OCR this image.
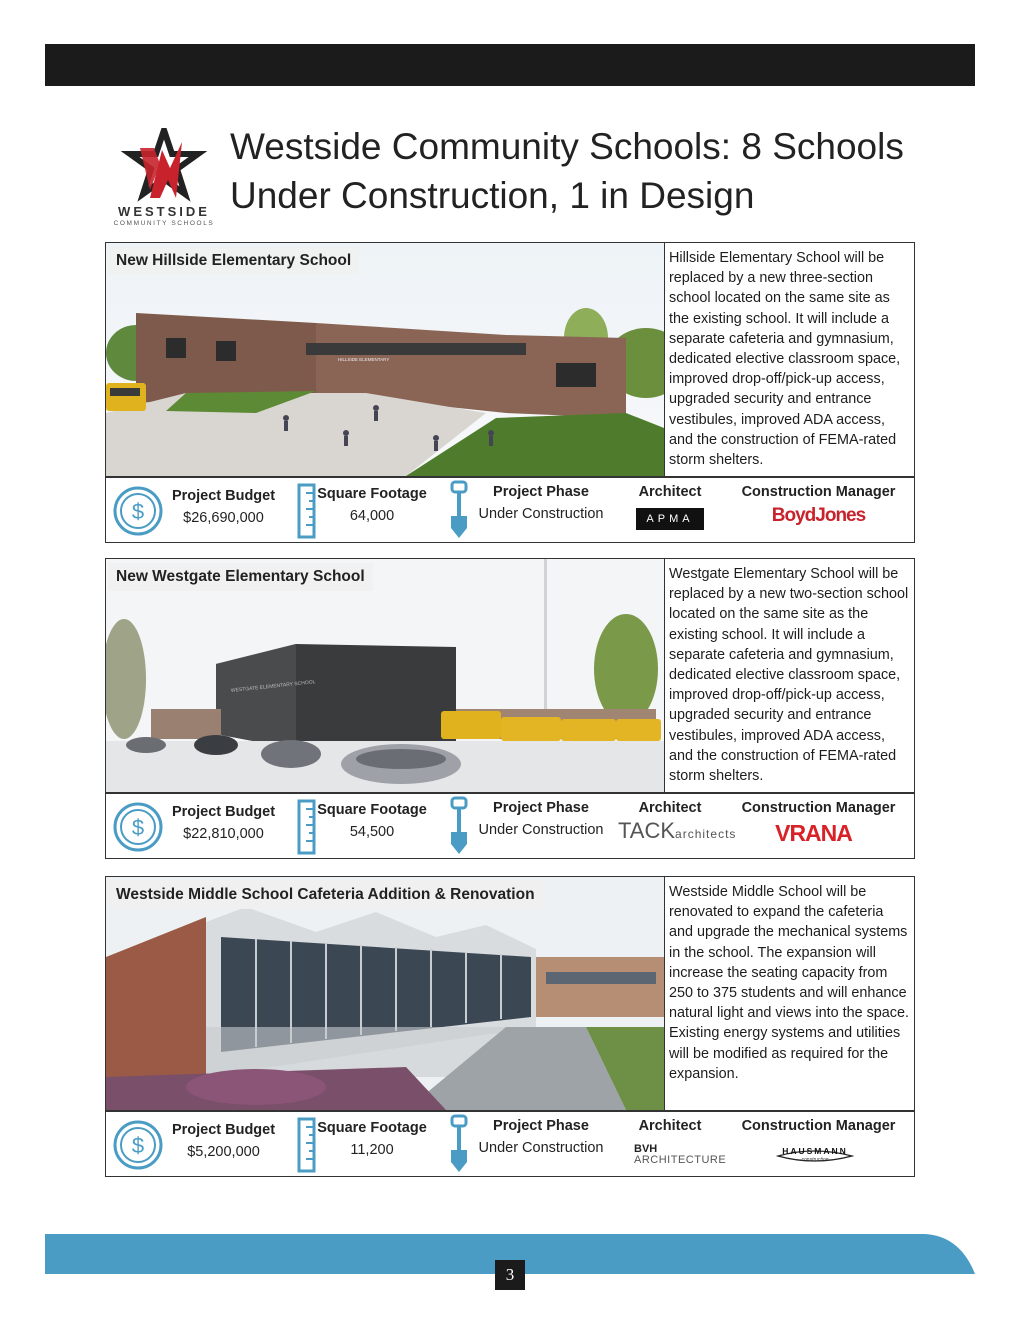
WESTSIDE
COMMUNITY SCHOOLS
Westside Community Schools: 8 Schools
Under Construction, 1 in Design
HILLSIDE ELEMENTARY
New Hillside Elementary School	Hillside Elementary School will be replaced by a new three-section school located on the same site as the existing school. It will include a separate cafeteria and gymnasium, dedicated elective classroom space, improved drop-off/pick-up access, upgraded security and entrance vestibules, improved ADA access, and the construction of FEMA-rated storm shelters.
$
Project Budget
$26,690,000
Square Footage
64,000
Project Phase
Under Construction
Architect
APMA
Construction Manager
BoydJones
WESTGATE ELEMENTARY SCHOOL
New Westgate Elementary School	Westgate Elementary School will be replaced by a new two-section school located on the same site as the existing school. It will include a separate cafeteria and gymnasium, dedicated elective classroom space, improved drop-off/pick-up access, upgraded security and entrance vestibules, improved ADA access, and the construction of FEMA-rated storm shelters.
$
Project Budget
$22,810,000
Square Footage
54,500
Project Phase
Under Construction
Architect
TACKarchitects
Construction Manager
VRANA
Westside Middle School Cafeteria Addition & Renovation	Westside Middle School will be renovated to expand the cafeteria and upgrade the mechanical systems in the school. The expansion will increase the seating capacity from 250 to 375 students and will enhance natural light and views into the space. Existing energy systems and utilities will be modified as required for the expansion.
$
Project Budget
$5,200,000
Square Footage
11,200
Project Phase
Under Construction
Architect
BVH
ARCHITECTURE
Construction Manager
HAUSMANN
construction
3
